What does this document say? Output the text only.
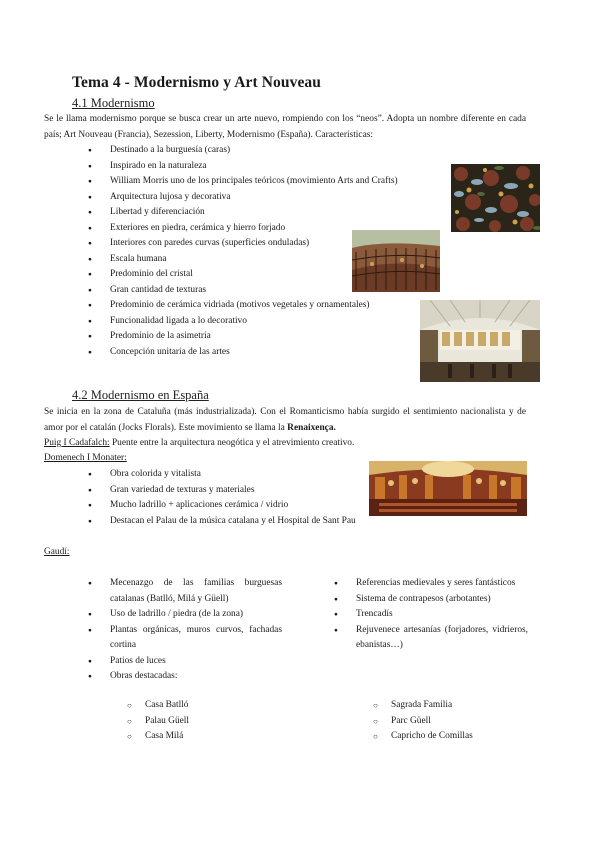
Tema 4 - Modernismo y Art Nouveau
4.1 Modernismo
Se le llama modernismo porque se busca crear un arte nuevo, rompiendo con los “neos”. Adopta un nombre diferente en cada país; Art Nouveau (Francia), Sezession, Liberty, Modernismo (España). Características:
● Destinado a la burguesía (caras)
● Inspirado en la naturaleza
● William Morris uno de los principales teóricos (movimiento Arts and Crafts)
● Arquitectura lujosa y decorativa
● Libertad y diferenciación
● Exteriores en piedra, cerámica y hierro forjado
● Interiores con paredes curvas (superficies onduladas)
● Escala humana
● Predominio del cristal
● Gran cantidad de texturas
● Predominio de cerámica vidriada (motivos vegetales y ornamentales)
● Funcionalidad ligada a lo decorativo
● Predominio de la asimetría
● Concepción unitaria de las artes
4.2 Modernismo en España
Se inicia en la zona de Cataluña (más industrializada). Con el Romanticismo había surgido el sentimiento nacionalista y de amor por el catalán (Jocks Florals). Este movimiento se llama la Renaixença.
Puig I Cadafalch: Puente entre la arquitectura neogótica y el atrevimiento creativo.
Domenech I Monater:
● Obra colorida y vitalista
● Gran variedad de texturas y materiales
● Mucho ladrillo + aplicaciones cerámica / vidrio
● Destacan el Palau de la música catalana y el Hospital de Sant Pau
Gaudí:
● Mecenazgo de las familias burguesas catalanas (Batlló, Milá y Güell)
● Uso de ladrillo / piedra (de la zona)
● Plantas orgánicas, muros curvos, fachadas cortina
● Patios de luces
● Obras destacadas:
● Referencias medievales y seres fantásticos
● Sistema de contrapesos (arbotantes)
● Trencadís
● Rejuvenece artesanías (forjadores, vidrieros, ebanistas…)
○ Casa Batlló
○ Palau Güell
○ Casa Milá
○ Sagrada Familia
○ Parc Güell
○ Capricho de Comillas
